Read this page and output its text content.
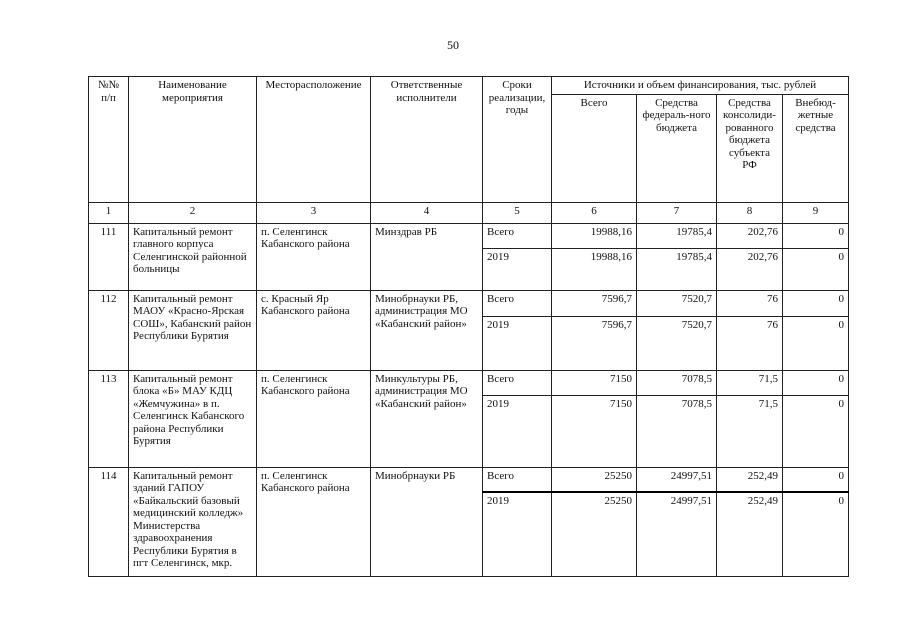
50
№№ п/п	Наименование мероприятия	Месторасположение	Ответственные исполнители	Сроки реализации, годы	Источники и объем финансирования, тыс. рублей			
					Всего	Средства федераль-ного бюджета	Средства консолиди-рованного бюджета субъекта РФ	Внебюд-жетные средства
1	2	3	4	5	6	7	8	9
111	Капитальный ремонт главного корпуса Селенгинской районной больницы	п. Селенгинск Кабанского района	Минздрав РБ	Всего	19988,16	19785,4	202,76	0
				2019	19988,16	19785,4	202,76	0
112	Капитальный ремонт МАОУ «Красно-Ярская СОШ», Кабанский район Республики Бурятия	с. Красный Яр Кабанского района	Минобрнауки РБ, администрация МО «Кабанский район»	Всего	7596,7	7520,7	76	0
				2019	7596,7	7520,7	76	0
113	Капитальный ремонт блока «Б» МАУ КДЦ «Жемчужина» в п. Селенгинск Кабанского района Республики Бурятия	п. Селенгинск Кабанского района	Минкультуры РБ, администрация МО «Кабанский район»	Всего	7150	7078,5	71,5	0
				2019	7150	7078,5	71,5	0
114	Капитальный ремонт зданий ГАПОУ «Байкальский базовый медицинский колледж» Министерства здравоохранения Республики Бурятия в пгт Селенгинск, мкр.	п. Селенгинск Кабанского района	Минобрнауки РБ	Всего	25250	24997,51	252,49	0
				2019	25250	24997,51	252,49	0
